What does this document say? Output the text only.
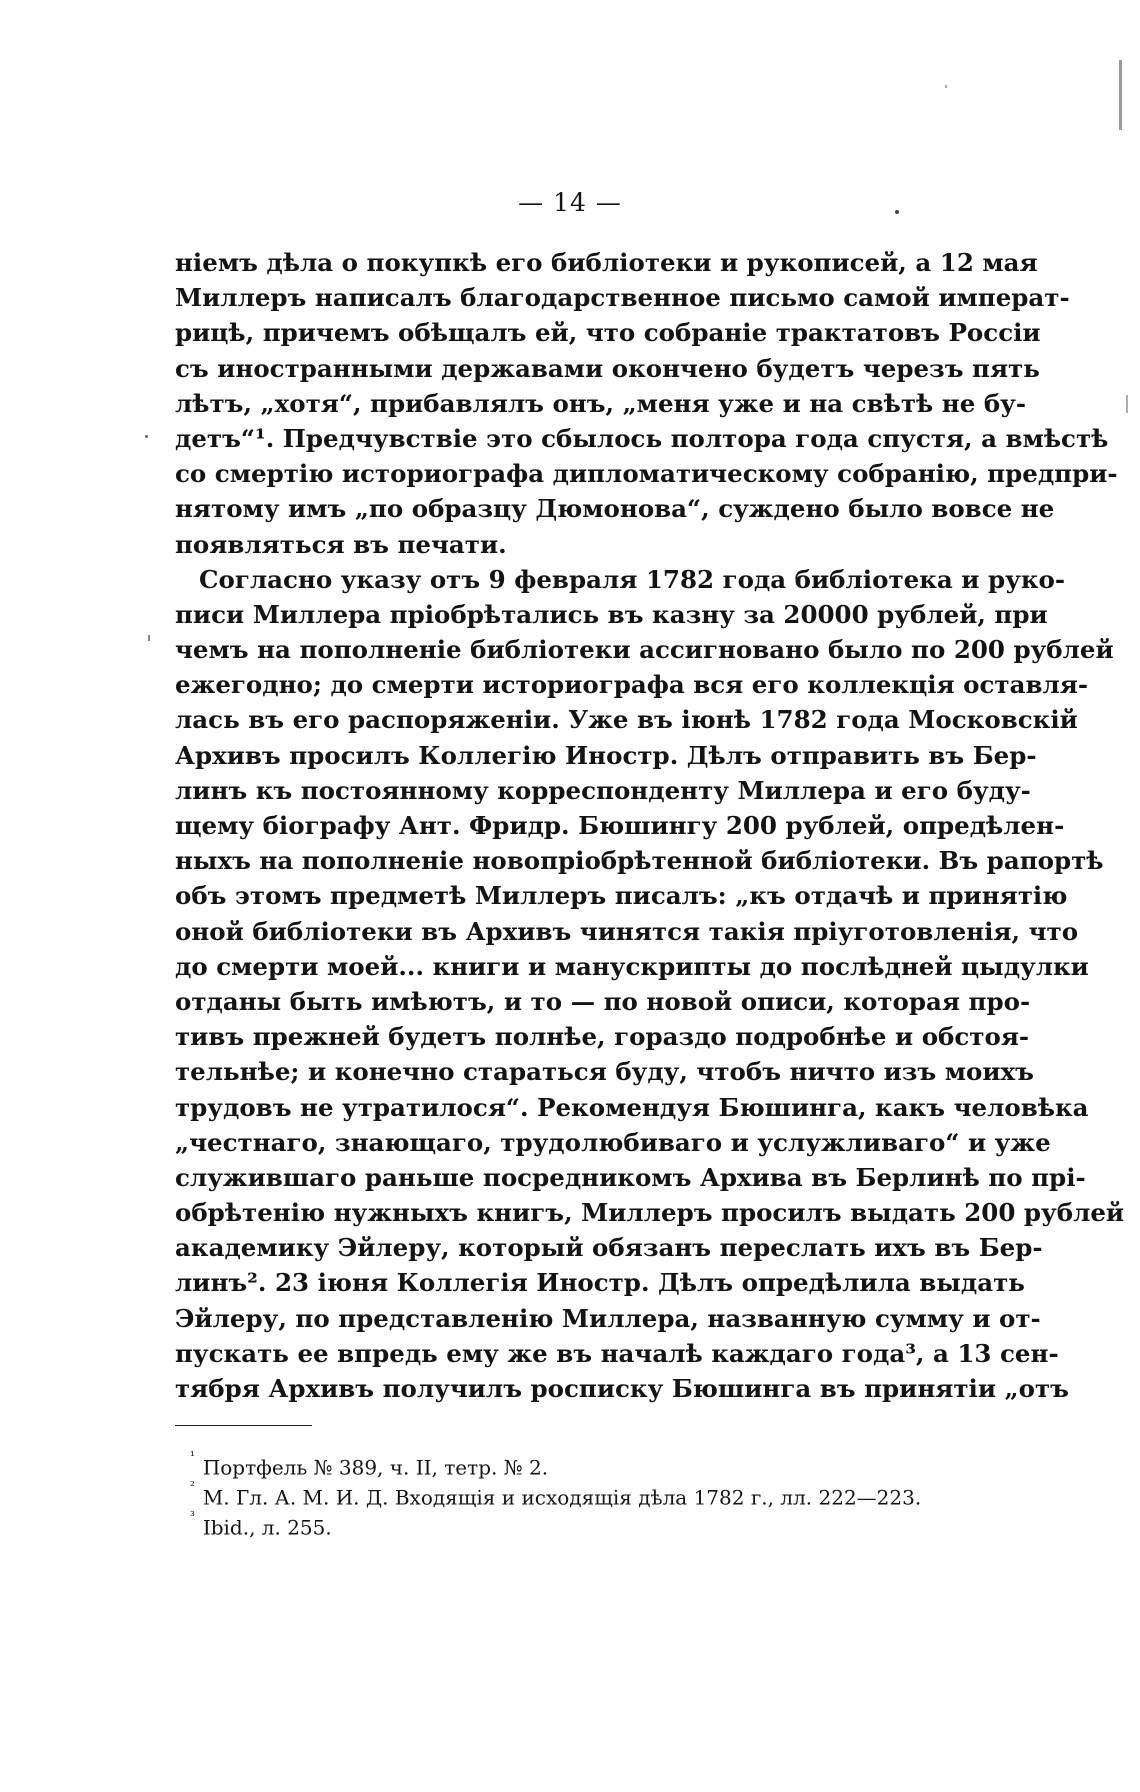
— 14 —
ніемъ дѣла о покупкѣ его библіотеки и рукописей, а 12 мая
Миллеръ написалъ благодарственное письмо самой императ-
рицѣ, причемъ обѣщалъ ей, что собраніе трактатовъ Россіи
съ иностранными державами окончено будетъ черезъ пять
лѣтъ, „хотя“, прибавлялъ онъ, „меня уже и на свѣтѣ не бу-
детъ“¹. Предчувствіе это сбылось полтора года спустя, а вмѣстѣ
со смертію историографа дипломатическому собранію, предпри-
нятому имъ „по образцу Дюмонова“, суждено было вовсе не
появляться въ печати.
Согласно указу отъ 9 февраля 1782 года библіотека и руко-
писи Миллера пріобрѣтались въ казну за 20000 рублей, при
чемъ на пополненіе библіотеки ассигновано было по 200 рублей
ежегодно; до смерти историографа вся его коллекція оставля-
лась въ его распоряженіи. Уже въ іюнѣ 1782 года Московскій
Архивъ просилъ Коллегію Иностр. Дѣлъ отправить въ Бер-
линъ къ постоянному корреспонденту Миллера и его буду-
щему біографу Ант. Фридр. Бюшингу 200 рублей, опредѣлен-
ныхъ на пополненіе новопріобрѣтенной библіотеки. Въ рапортѣ
объ этомъ предметѣ Миллеръ писалъ: „къ отдачѣ и принятію
оной библіотеки въ Архивъ чинятся такія пріуготовленія, что
до смерти моей... книги и манускрипты до послѣдней цыдулки
отданы быть имѣютъ, и то — по новой описи, которая про-
тивъ прежней будетъ полнѣе, гораздо подробнѣе и обстоя-
тельнѣе; и конечно стараться буду, чтобъ ничто изъ моихъ
трудовъ не утратилося“. Рекомендуя Бюшинга, какъ человѣка
„честнаго, знающаго, трудолюбиваго и услужливаго“ и уже
служившаго раньше посредникомъ Архива въ Берлинѣ по прі-
обрѣтенію нужныхъ книгъ, Миллеръ просилъ выдать 200 рублей
академику Эйлеру, который обязанъ переслать ихъ въ Бер-
линъ². 23 іюня Коллегія Иностр. Дѣлъ опредѣлила выдать
Эйлеру, по представленію Миллера, названную сумму и от-
пускать ее впредь ему же въ началѣ каждаго года³, а 13 сен-
тября Архивъ получилъ росписку Бюшинга въ принятіи „отъ
$^{^1}$ Портфель № 389, ч. II, тетр. № 2.
$^{^2}$ М. Гл. А. М. И. Д. Входящія и исходящія дѣла 1782 г., лл. 222—223.
$^{^3}$ Ibid., л. 255.
